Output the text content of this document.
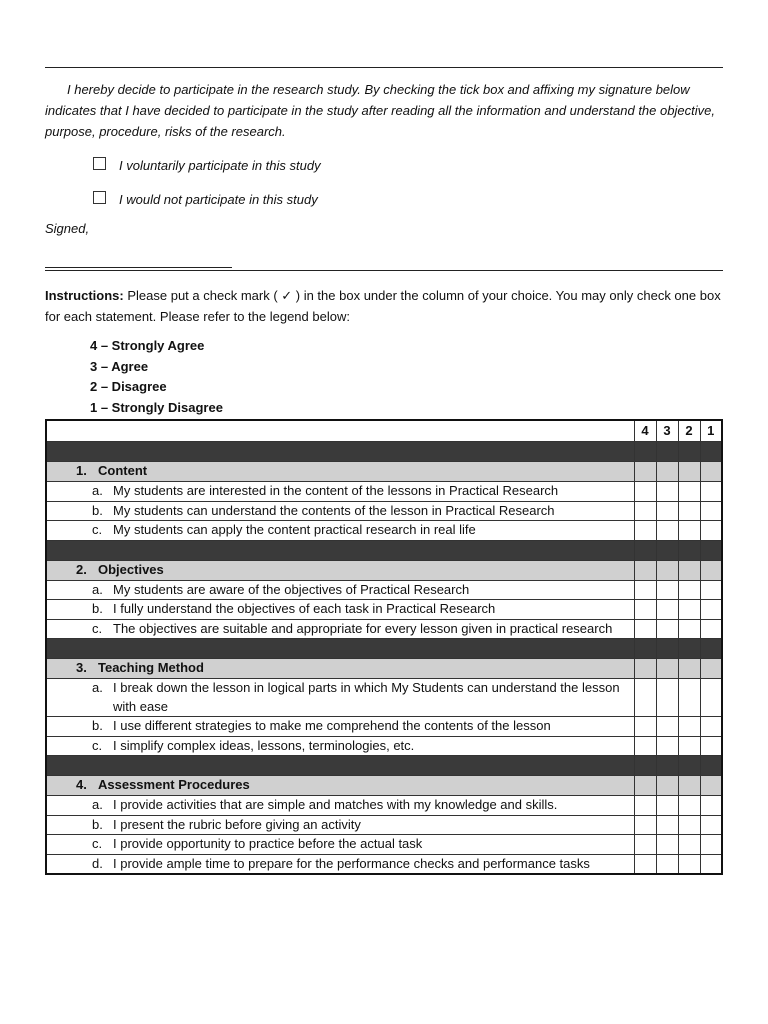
I hereby decide to participate in the research study. By checking the tick box and affixing my signature below indicates that I have decided to participate in the study after reading all the information and understand the objective, purpose, procedure, risks of the research.
I voluntarily participate in this study
I would not participate in this study
Signed,
Instructions: Please put a check mark ( ✓ ) in the box under the column of your choice. You may only check one box for each statement. Please refer to the legend below:
4 – Strongly Agree
3 – Agree
2 – Disagree
1 – Strongly Disagree
	4	3	2	1

1. Content				

a. My students are interested in the content of the lessons in Practical Research				

b. My students can understand the contents of the lesson in Practical Research				

c. My students can apply the content practical research in real life				

2. Objectives				

a. My students are aware of the objectives of Practical Research				

b. I fully understand the objectives of each task in Practical Research				

c. The objectives are suitable and appropriate for every lesson given in practical research				

3. Teaching Method				

a. I break down the lesson in logical parts in which My Students can understand the lesson with ease				

b. I use different strategies to make me comprehend the contents of the lesson				

c. I simplify complex ideas, lessons, terminologies, etc.				

4. Assessment Procedures				

a. I provide activities that are simple and matches with my knowledge and skills.				

b. I present the rubric before giving an activity				

c. I provide opportunity to practice before the actual task				

d. I provide ample time to prepare for the performance checks and performance tasks				
